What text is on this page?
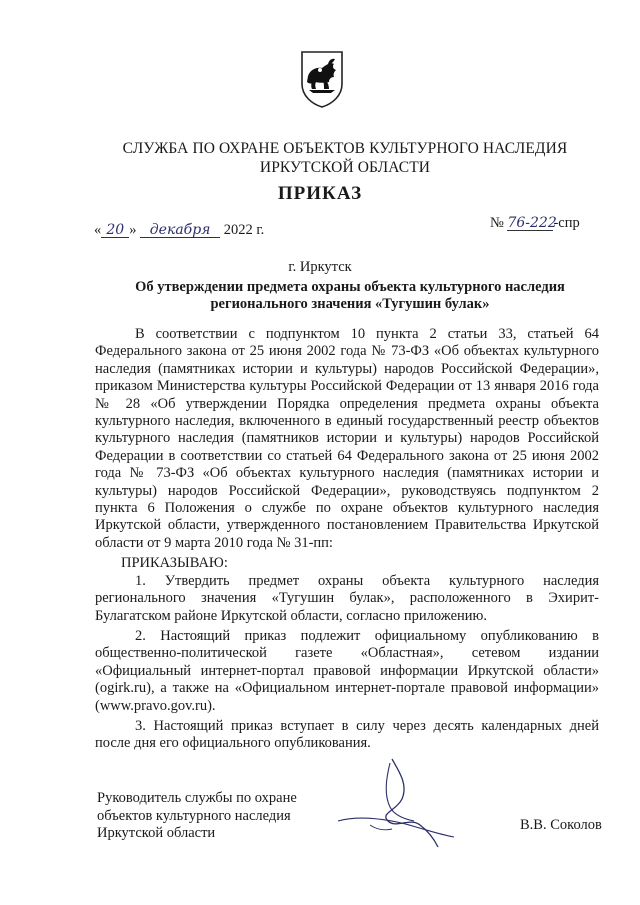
СЛУЖБА ПО ОХРАНЕ ОБЪЕКТОВ КУЛЬТУРНОГО НАСЛЕДИЯ
ИРКУТСКОЙ ОБЛАСТИ
ПРИКАЗ
« 20 » декабря 2022 г.	№ 76-222-спр
г. Иркутск
Об утверждении предмета охраны объекта культурного наследия
регионального значения «Тугушин булак»

В соответствии с подпунктом 10 пункта 2 статьи 33, статьей 64 Федерального закона от 25 июня 2002 года № 73-ФЗ «Об объектах культурного наследия (памятниках истории и культуры) народов Российской Федерации», приказом Министерства культуры Российской Федерации от 13 января 2016 года № 28 «Об утверждении Порядка определения предмета охраны объекта культурного наследия, включенного в единый государственный реестр объектов культурного наследия (памятников истории и культуры) народов Российской Федерации в соответствии со статьей 64 Федерального закона от 25 июня 2002 года № 73-ФЗ «Об объектах культурного наследия (памятниках истории и культуры) народов Российской Федерации», руководствуясь подпунктом 2 пункта 6 Положения о службе по охране объектов культурного наследия Иркутской области, утвержденного постановлением Правительства Иркутской области от 9 марта 2010 года № 31-пп:

ПРИКАЗЫВАЮ:

1. Утвердить предмет охраны объекта культурного наследия регионального значения «Тугушин булак», расположенного в Эхирит-Булагатском районе Иркутской области, согласно приложению.

2. Настоящий приказ подлежит официальному опубликованию в общественно-политической газете «Областная», сетевом издании «Официальный интернет-портал правовой информации Иркутской области» (ogirk.ru), а также на «Официальном интернет-портале правовой информации» (www.pravo.gov.ru).

3. Настоящий приказ вступает в силу через десять календарных дней после дня его официального опубликования.

Руководитель службы по охране
объектов культурного наследия
Иркутской области	В.В. Соколов
